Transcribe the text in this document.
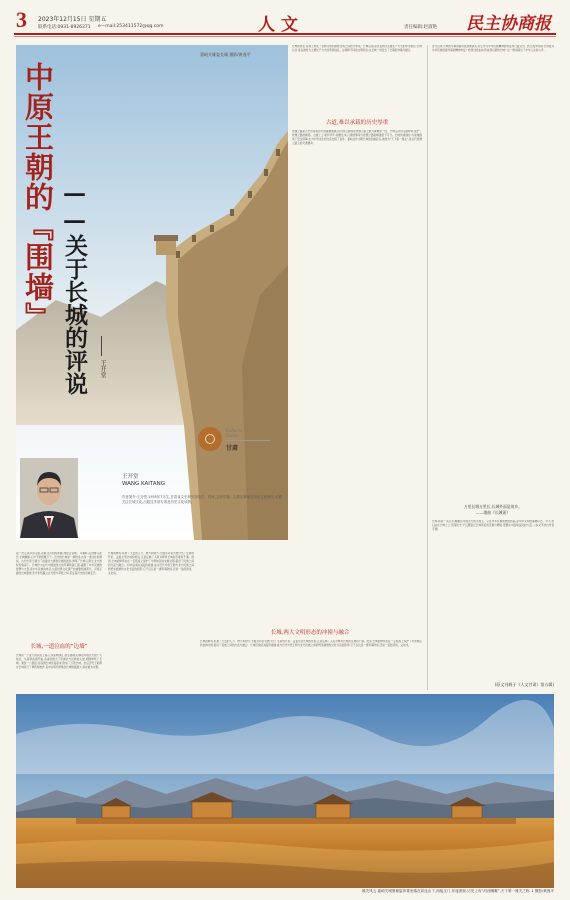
3 2023年12月15日 星期五
联系电话:0931-8926371 e—mail:253411572@qq.com	人文	责任编辑:赵淑艳 民主协商报
嘉峪关雄姿长城 摄影/黄逸平
中原王朝的『围墙』 ——关于长城的评说 王开堂
Cultural Gansu
甘肃
王开堂
WANG KAITANG
作者简介:王开堂,1955年7月生,甘肃省文史研究馆馆员、作家,文史学者。主要从事地方历史文化研究,长期关注长城文化,出版过多部专著及历史文化读物。
第一次走进河西走廊,是前往河西的新疆,途经古浪峡、乌鞘岭,沿途群山起伏,长城蜿蜒,心中不禁感慨万千。历史的长城是一道防线,也是一道文化的界线。古代中原王朝为了抵御北方游牧民族的侵扰,修筑了长城,以防止北方游牧民族南下。长城作为古代中国最伟大的军事防御工程,凝聚了中华民族的智慧与力量,是中华民族的象征,也是世界文化遗产的重要组成部分。河西走廊的长城遗迹,至今仍然矗立在戈壁与草原之间,见证着历史的沧桑变迁。
长城,一道泣血的“边墙”
长城是一个庞大的系统工程,它东起鸭绿江,西至嘉峪关,横贯中国北方的广大地区。从春秋战国开始,各诸侯国为了防御北方民族的入侵,相继修筑了长城。秦统一六国后,将各国长城连接起来,形成了万里长城。此后历代王朝都对长城进行了修筑和维护,其中以明代修筑的长城规模最大,保存最为完整。
长城的修筑,耗费了大量的人力、物力和财力,无数劳动者为此付出了生命的代价。孟姜女哭长城的传说,正是反映了人民对修筑长城的苦难和不满。然而,长城的修筑也在一定程度上保护了中原地区的农耕文明,促进了民族之间的交流与融合。长城沿线的关隘和烽燧,成为历代中原王朝与北方民族之间的贸易通道和文化交流的纽带,它不仅仅是一道军事防线,还是一条经济线、文化线。
长城的存在,客观上形成了农耕文明和游牧文明之间的分界线。长城以南,是以农耕为主要生产方式的中原地区;长城以北,是以游牧为主要生产方式的草原地区。这两种不同的文明形态,在长城一线发生了长期的冲撞与融合。
古道,难以承载的历史厚重
丝绸之路是古代连接东西方的重要通道,而河西走廊则是丝绸之路上最为重要的一段。长城沿河西走廊修筑,保护了丝绸之路的畅通。古道之上,驼铃声声,商旅往来,汉唐的繁荣与丝绸之路的畅通密不可分。长城的烽燧台,为商旅提供了安全保障,也为中西文化的交流创造了条件。嘉峪关作为明长城的西端起点,被誉为“天下第一雄关”,是古代丝绸之路上的交通要冲。
长城,两大文明形态的冲撞与融合
长城的修筑,耗费了大量的人力、物力和财力,无数劳动者为此付出了生命的代价。孟姜女哭长城的传说,正是反映了人民对修筑长城的苦难和不满。然而,长城的修筑也在一定程度上保护了中原地区的农耕文明,促进了民族之间的交流与融合。长城沿线的关隘和烽燧,成为历代中原王朝与北方民族之间的贸易通道和文化交流的纽带,它不仅仅是一道军事防线,还是一条经济线、文化线。
近代以来,长城的军事防御功能逐渐消失,但它作为中华民族精神的象征却日益突出。抗日战争时期,长城成为中华民族抵御外侮的精神象征,“把我们的血肉,筑成我们新的长城”,这一歌词唱出了中华儿女的心声。
万里长城万里长,长城外面是故乡。
——歌曲《长城谣》
长城,如同一条巨龙,蜿蜒在中国北方的大地上。它是中华民族智慧的结晶,是中华文明的重要标志。今天,我们站在长城之上,回望历史,不仅要铭记长城背后的苦难与牺牲,更要从中汲取奋进的力量。(本文节选自作者专著)
(原文刊载于《人文甘肃》第五辑)
雄关风云 嘉峪关城堡雄姿冲霄坐落在祁连山下,西接玉门,东接酒泉,历史上有“河西咽喉”,天下第一雄关之称 ↓ 摄影/黄逸平
